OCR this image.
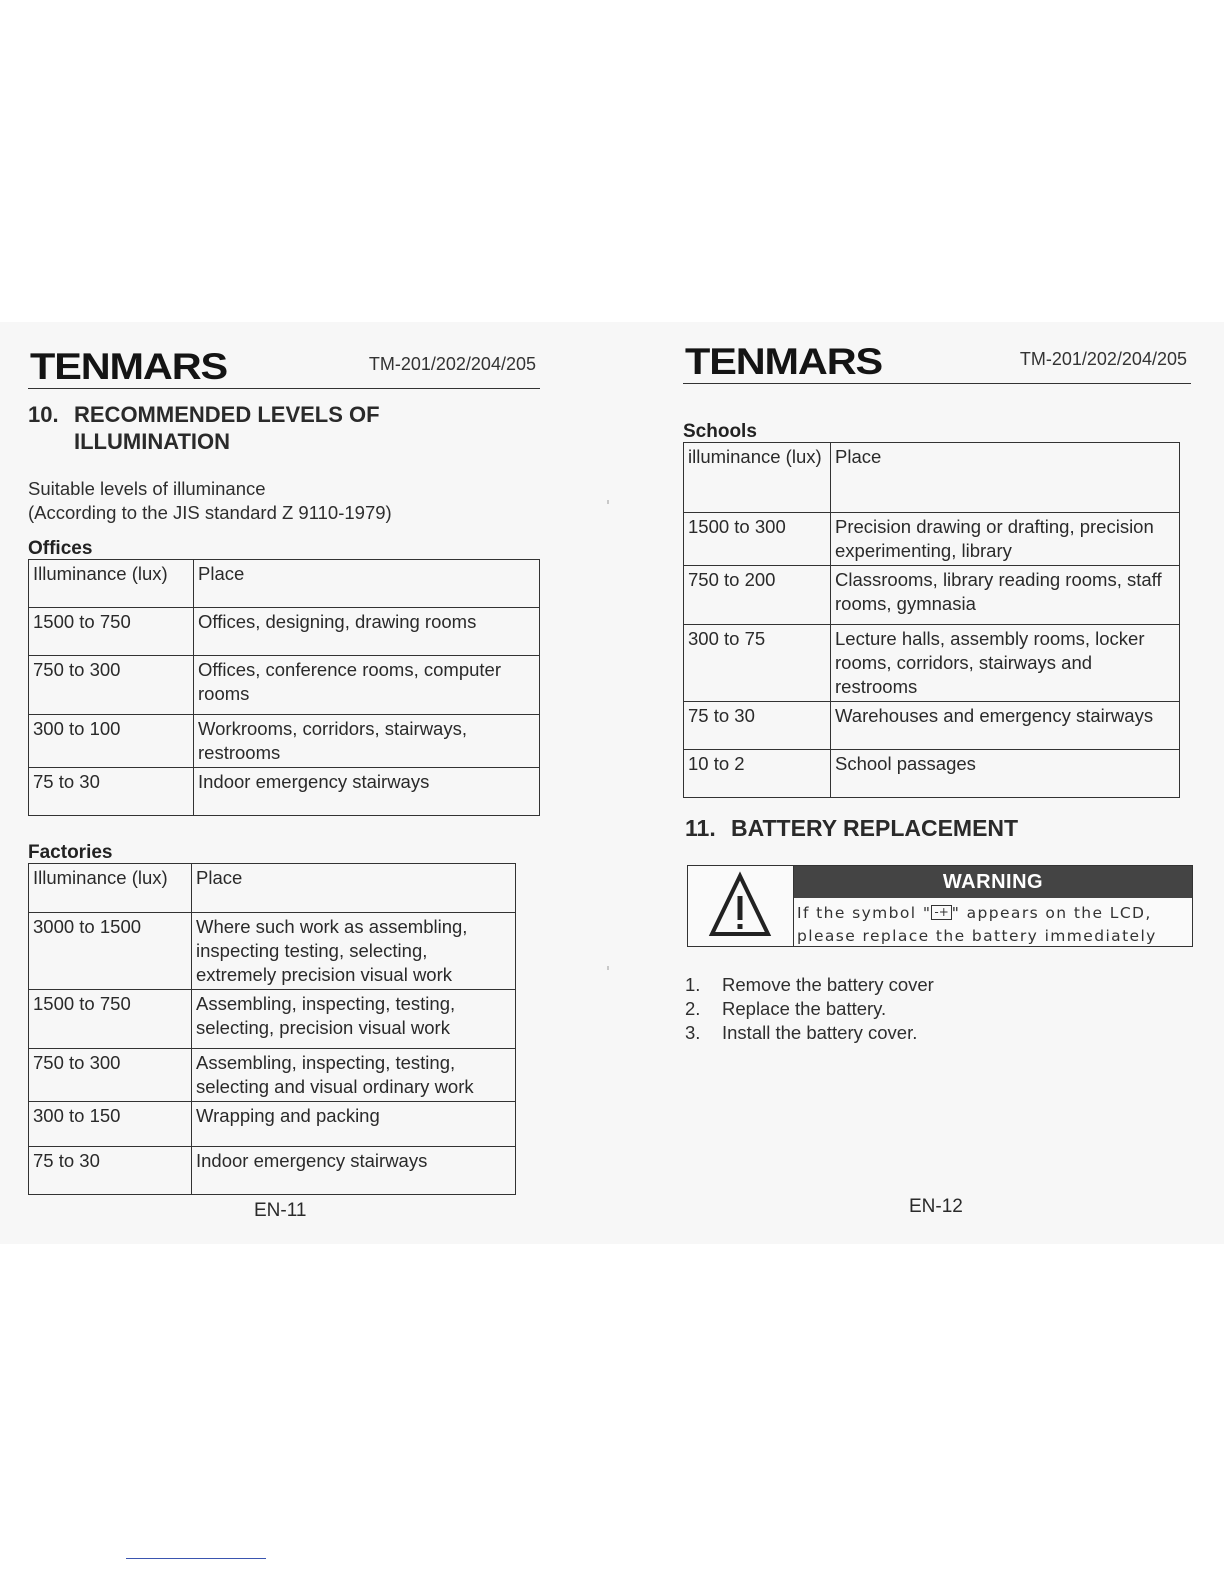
TENMARS	TM-201/202/204/205
10. RECOMMENDED LEVELS OF
ILLUMINATION
Suitable levels of illuminance
(According to the JIS standard Z 9110-1979)
Offices
Illuminance (lux)	Place
1500 to 750	Offices, designing, drawing rooms
750 to 300	Offices, conference rooms, computer rooms
300 to 100	Workrooms, corridors, stairways, restrooms
75 to 30	Indoor emergency stairways
Factories
Illuminance (lux)	Place
3000 to 1500	Where such work as assembling, inspecting testing, selecting, extremely precision visual work
1500 to 750	Assembling, inspecting, testing, selecting, precision visual work
750 to 300	Assembling, inspecting, testing, selecting and visual ordinary work
300 to 150	Wrapping and packing
75 to 30	Indoor emergency stairways
EN-11
TENMARS	TM-201/202/204/205
Schools
illuminance (lux)	Place
1500 to 300	Precision drawing or drafting, precision experimenting, library
750 to 200	Classrooms, library reading rooms, staff rooms, gymnasia
300 to 75	Lecture halls, assembly rooms, locker rooms, corridors, stairways and restrooms
75 to 30	Warehouses and emergency stairways
10 to 2	School passages
11. BATTERY REPLACEMENT
WARNING
If the symbol " -+ " appears on the LCD, please replace the battery immediately
1. Remove the battery cover
2. Replace the battery.
3. Install the battery cover.
EN-12
